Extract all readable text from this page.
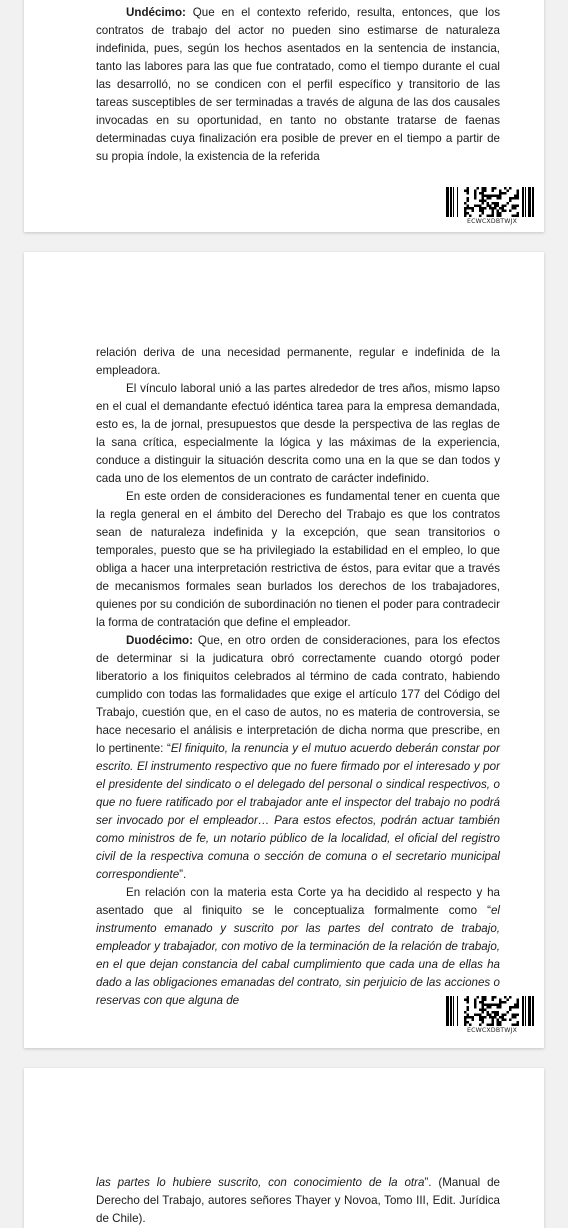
Undécimo: Que en el contexto referido, resulta, entonces, que los contratos de trabajo del actor no pueden sino estimarse de naturaleza indefinida, pues, según los hechos asentados en la sentencia de instancia, tanto las labores para las que fue contratado, como el tiempo durante el cual las desarrolló, no se condicen con el perfil específico y transitorio de las tareas susceptibles de ser terminadas a través de alguna de las dos causales invocadas en su oportunidad, en tanto no obstante tratarse de faenas determinadas cuya finalización era posible de prever en el tiempo a partir de su propia índole, la existencia de la referida

ECWCXDBTWJX

relación deriva de una necesidad permanente, regular e indefinida de la empleadora.

El vínculo laboral unió a las partes alrededor de tres años, mismo lapso en el cual el demandante efectuó idéntica tarea para la empresa demandada, esto es, la de jornal, presupuestos que desde la perspectiva de las reglas de la sana crítica, especialmente la lógica y las máximas de la experiencia, conduce a distinguir la situación descrita como una en la que se dan todos y cada uno de los elementos de un contrato de carácter indefinido.

En este orden de consideraciones es fundamental tener en cuenta que la regla general en el ámbito del Derecho del Trabajo es que los contratos sean de naturaleza indefinida y la excepción, que sean transitorios o temporales, puesto que se ha privilegiado la estabilidad en el empleo, lo que obliga a hacer una interpretación restrictiva de éstos, para evitar que a través de mecanismos formales sean burlados los derechos de los trabajadores, quienes por su condición de subordinación no tienen el poder para contradecir la forma de contratación que define el empleador.

Duodécimo: Que, en otro orden de consideraciones, para los efectos de determinar si la judicatura obró correctamente cuando otorgó poder liberatorio a los finiquitos celebrados al término de cada contrato, habiendo cumplido con todas las formalidades que exige el artículo 177 del Código del Trabajo, cuestión que, en el caso de autos, no es materia de controversia, se hace necesario el análisis e interpretación de dicha norma que prescribe, en lo pertinente: “El finiquito, la renuncia y el mutuo acuerdo deberán constar por escrito. El instrumento respectivo que no fuere firmado por el interesado y por el presidente del sindicato o el delegado del personal o sindical respectivos, o que no fuere ratificado por el trabajador ante el inspector del trabajo no podrá ser invocado por el empleador… Para estos efectos, podrán actuar también como ministros de fe, un notario público de la localidad, el oficial del registro civil de la respectiva comuna o sección de comuna o el secretario municipal correspondiente”.

En relación con la materia esta Corte ya ha decidido al respecto y ha asentado que al finiquito se le conceptualiza formalmente como “el instrumento emanado y suscrito por las partes del contrato de trabajo, empleador y trabajador, con motivo de la terminación de la relación de trabajo, en el que dejan constancia del cabal cumplimiento que cada una de ellas ha dado a las obligaciones emanadas del contrato, sin perjuicio de las acciones o reservas con que alguna de

ECWCXDBTWJX

las partes lo hubiere suscrito, con conocimiento de la otra”. (Manual de Derecho del Trabajo, autores señores Thayer y Novoa, Tomo III, Edit. Jurídica de Chile).
